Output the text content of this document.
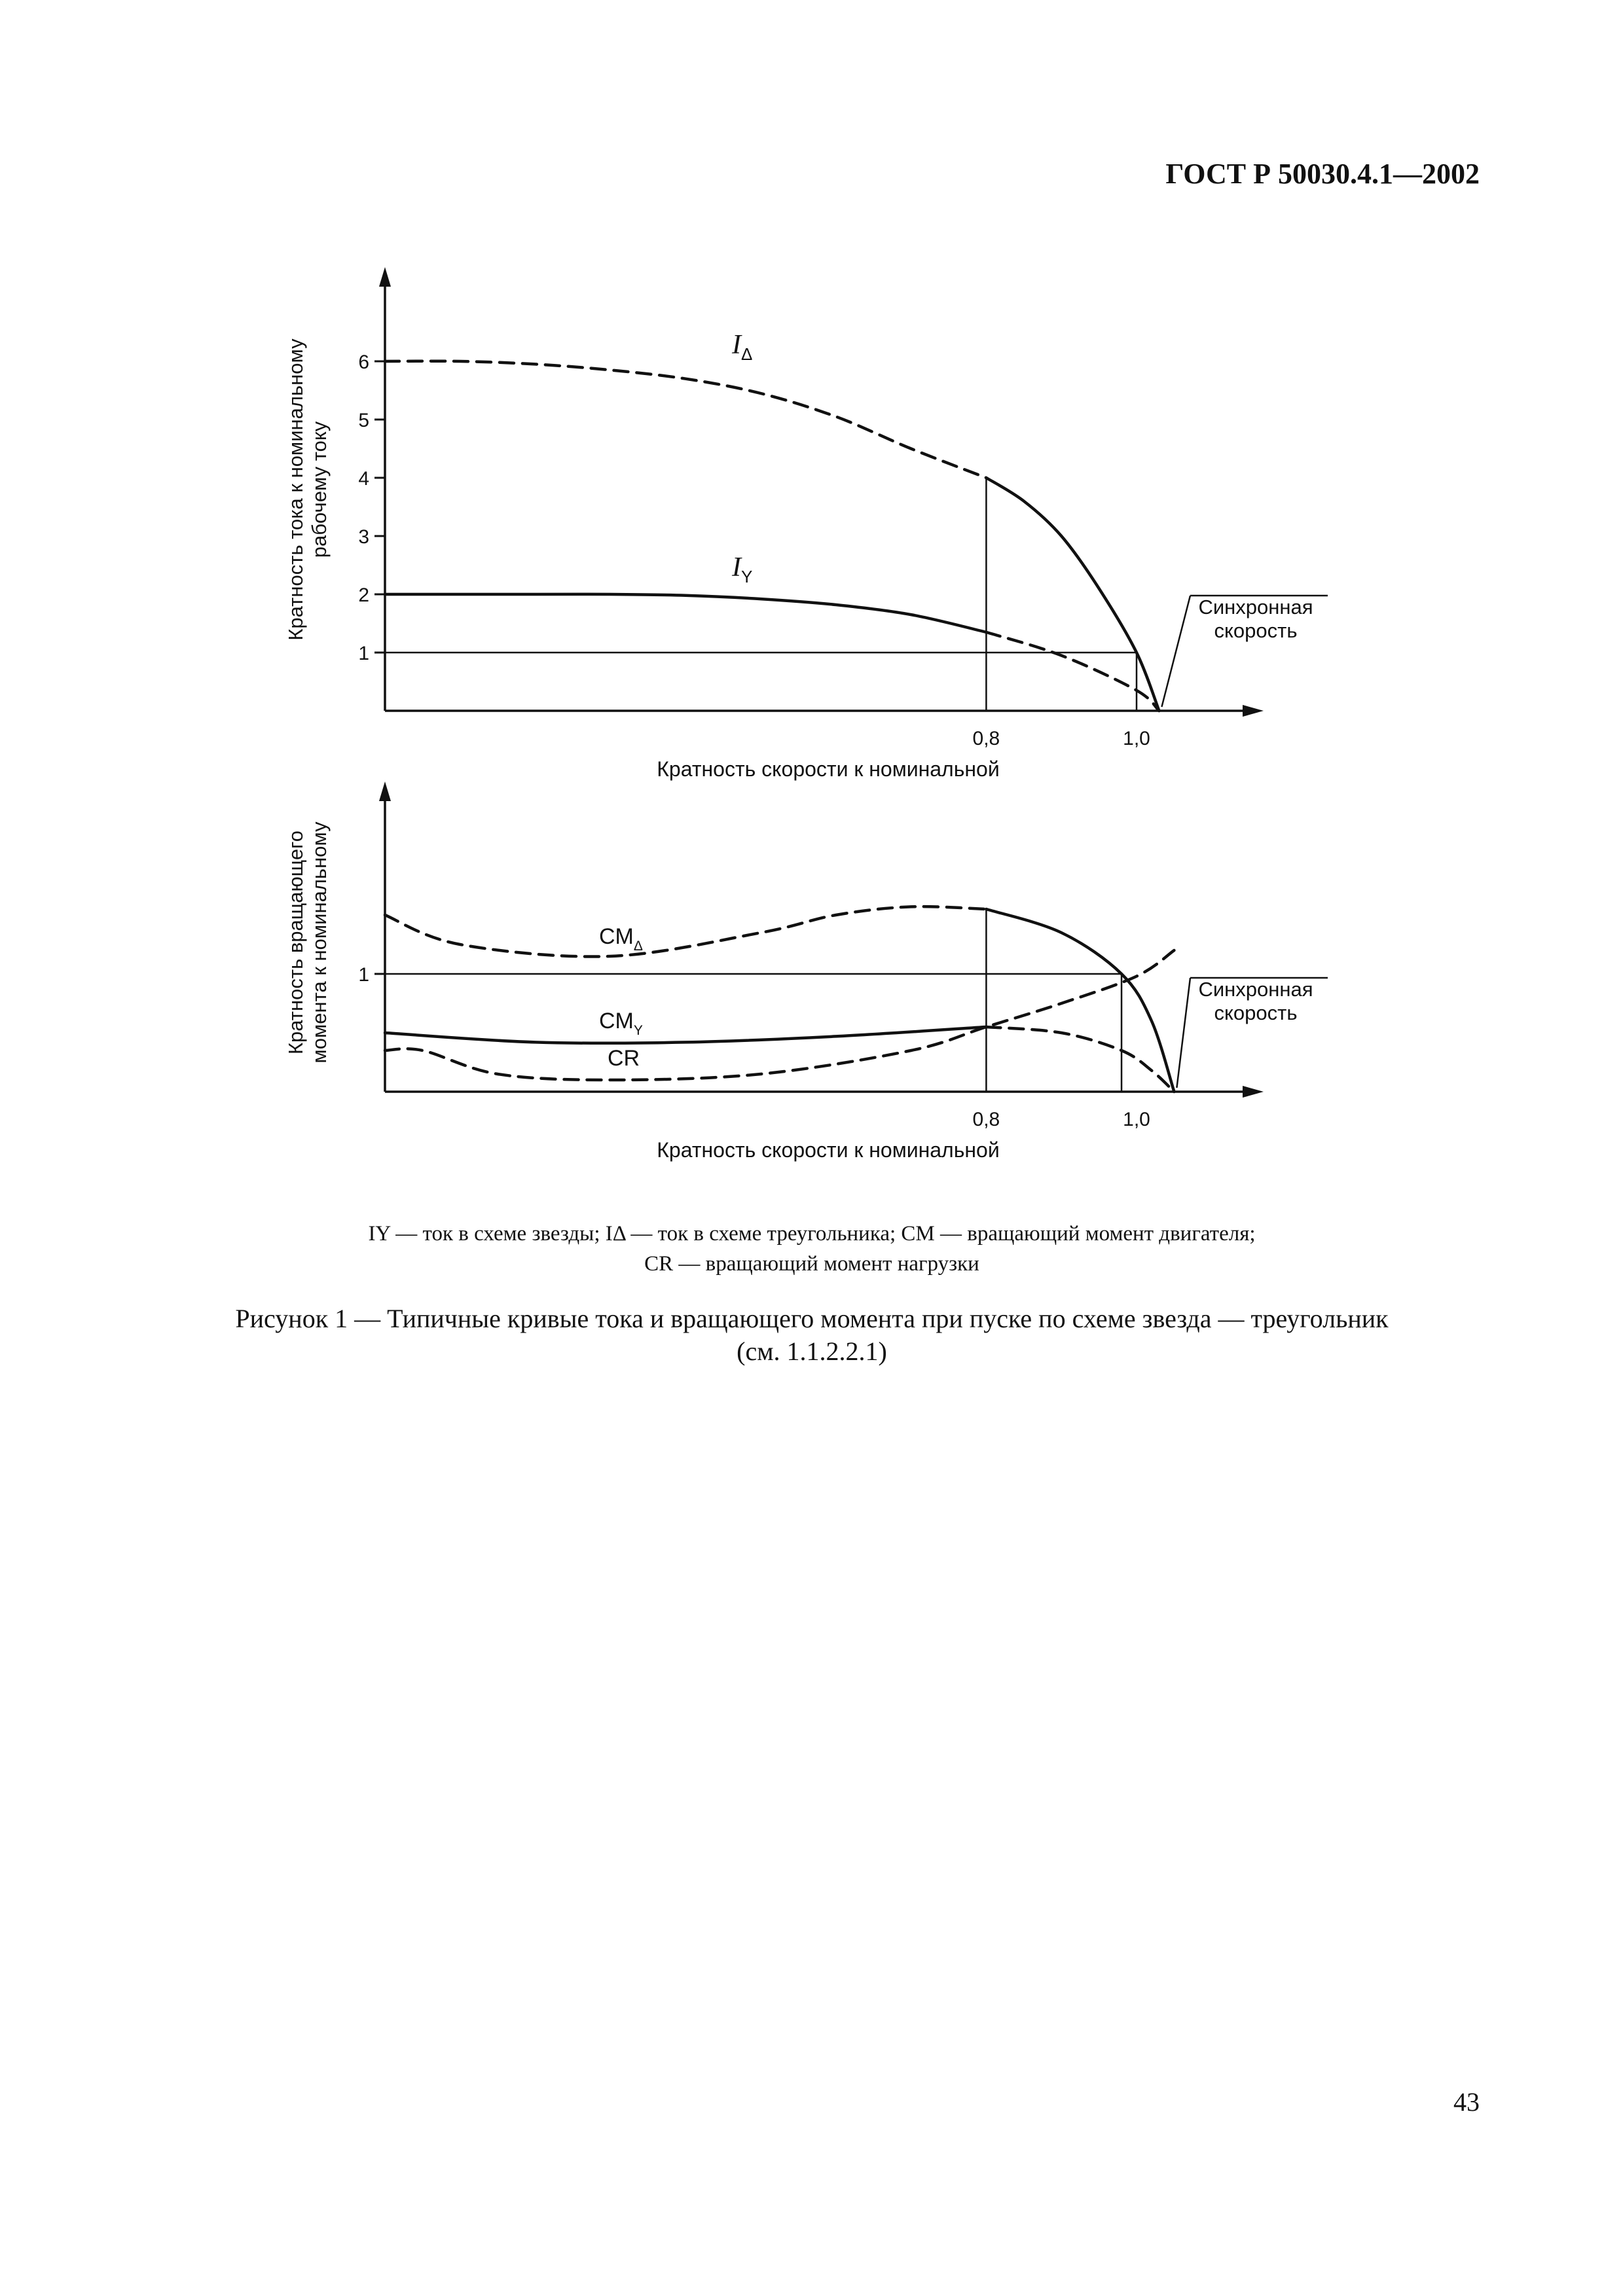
ГОСТ Р 50030.4.1—2002
1
2
3
4
5
6
0,8	1,0
Кратность скорости к номинальной
Кратность тока к номинальномурабочему току
$I_\Delta$
$I_Y$
Синхронная
скорость
1
0,8	1,0
Кратность скорости к номинальной
Кратность вращающегомомента к номинальному	$CM_\Delta$
$CM_Y$
CR
Синхронная
скорость
IY — ток в схеме звезды; IΔ — ток в схеме треугольника; СМ — вращающий момент двигателя;
CR — вращающий момент нагрузки
Рисунок 1 — Типичные кривые тока и вращающего момента при пуске по схеме звезда — треугольник
(см. 1.1.2.2.1)
43
